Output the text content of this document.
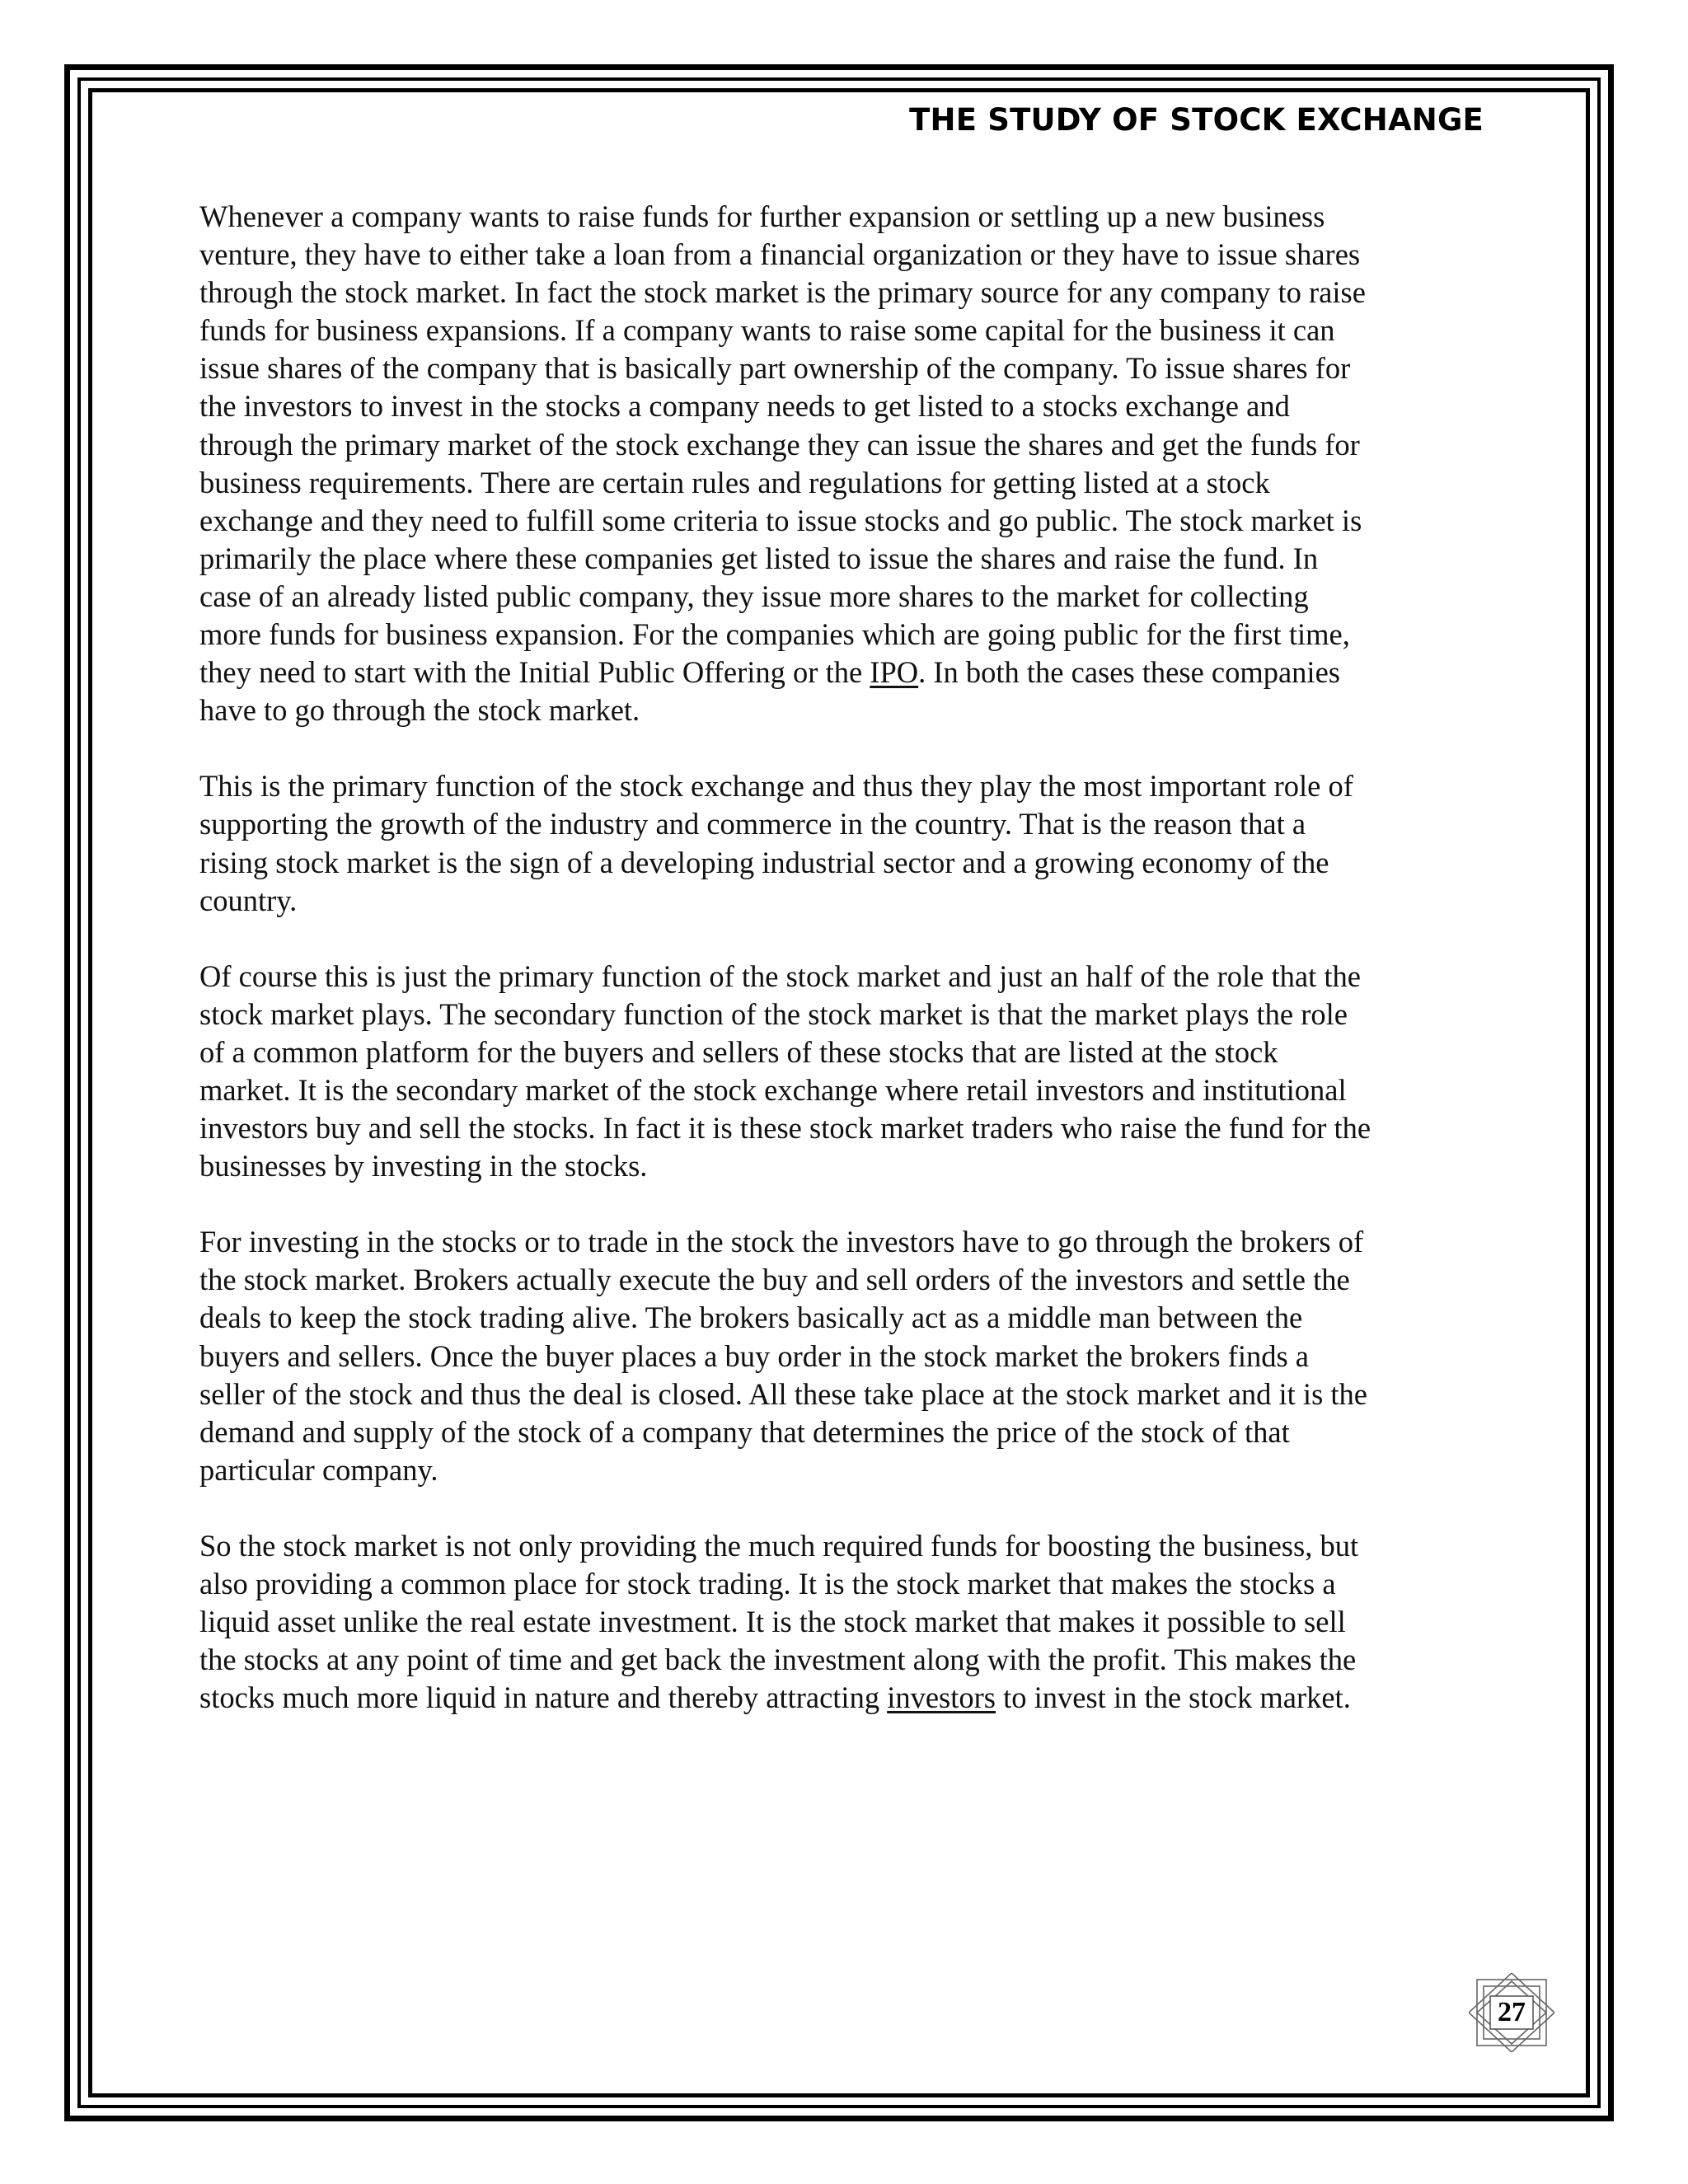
THE STUDY OF STOCK EXCHANGE

Whenever a company wants to raise funds for further expansion or settling up a new business
venture, they have to either take a loan from a financial organization or they have to issue shares
through the stock market. In fact the stock market is the primary source for any company to raise
funds for business expansions. If a company wants to raise some capital for the business it can
issue shares of the company that is basically part ownership of the company. To issue shares for
the investors to invest in the stocks a company needs to get listed to a stocks exchange and
through the primary market of the stock exchange they can issue the shares and get the funds for
business requirements. There are certain rules and regulations for getting listed at a stock
exchange and they need to fulfill some criteria to issue stocks and go public. The stock market is
primarily the place where these companies get listed to issue the shares and raise the fund. In
case of an already listed public company, they issue more shares to the market for collecting
more funds for business expansion. For the companies which are going public for the first time,
they need to start with the Initial Public Offering or the IPO. In both the cases these companies
have to go through the stock market.

This is the primary function of the stock exchange and thus they play the most important role of
supporting the growth of the industry and commerce in the country. That is the reason that a
rising stock market is the sign of a developing industrial sector and a growing economy of the
country.

Of course this is just the primary function of the stock market and just an half of the role that the
stock market plays. The secondary function of the stock market is that the market plays the role
of a common platform for the buyers and sellers of these stocks that are listed at the stock
market. It is the secondary market of the stock exchange where retail investors and institutional
investors buy and sell the stocks. In fact it is these stock market traders who raise the fund for the
businesses by investing in the stocks.

For investing in the stocks or to trade in the stock the investors have to go through the brokers of
the stock market. Brokers actually execute the buy and sell orders of the investors and settle the
deals to keep the stock trading alive. The brokers basically act as a middle man between the
buyers and sellers. Once the buyer places a buy order in the stock market the brokers finds a
seller of the stock and thus the deal is closed. All these take place at the stock market and it is the
demand and supply of the stock of a company that determines the price of the stock of that
particular company.

So the stock market is not only providing the much required funds for boosting the business, but
also providing a common place for stock trading. It is the stock market that makes the stocks a
liquid asset unlike the real estate investment. It is the stock market that makes it possible to sell
the stocks at any point of time and get back the investment along with the profit. This makes the
stocks much more liquid in nature and thereby attracting investors to invest in the stock market.

27
